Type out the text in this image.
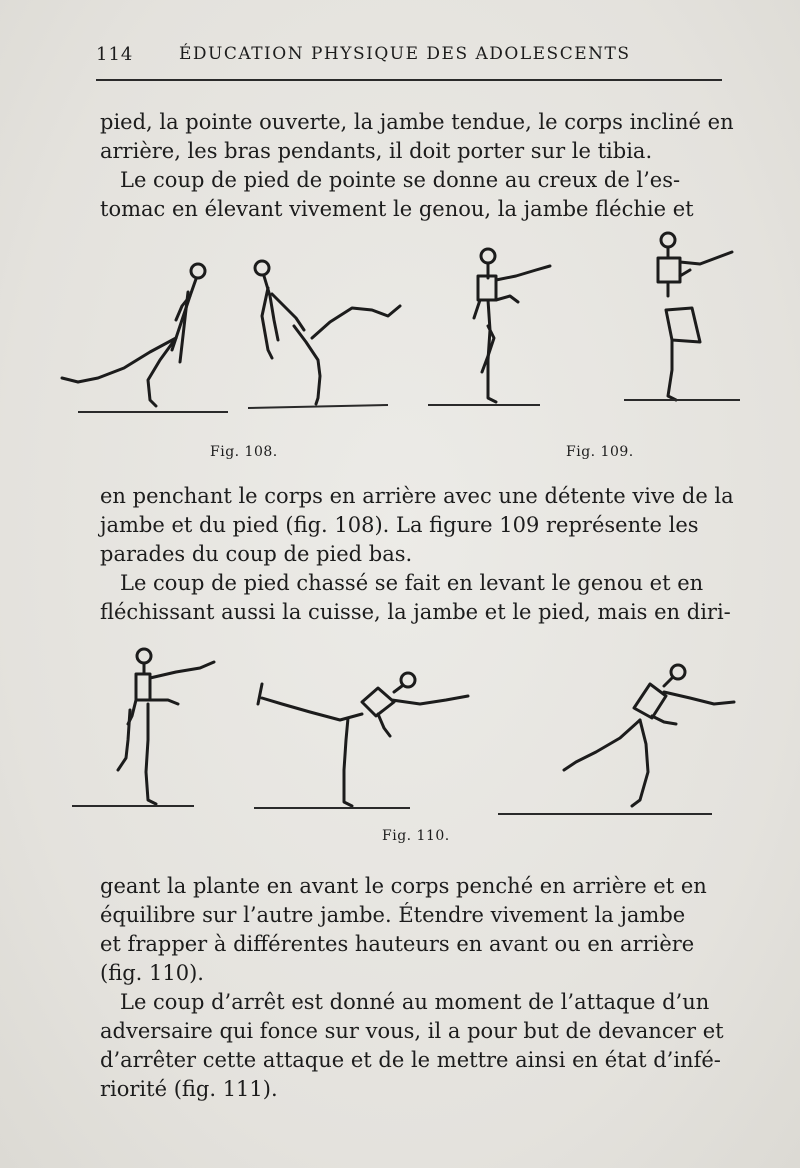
114	ÉDUCATION PHYSIQUE DES ADOLESCENTS
pied, la pointe ouverte, la jambe tendue, le corps incliné en
arrière, les bras pendants, il doit porter sur le tibia.
Le coup de pied de pointe se donne au creux de l’es-
tomac en élevant vivement le genou, la jambe fléchie et
Fig. 108.	Fig. 109.
en penchant le corps en arrière avec une détente vive de la
jambe et du pied (fig. 108). La figure 109 représente les
parades du coup de pied bas.
Le coup de pied chassé se fait en levant le genou et en
fléchissant aussi la cuisse, la jambe et le pied, mais en diri-
Fig. 110.
geant la plante en avant le corps penché en arrière et en
équilibre sur l’autre jambe. Étendre vivement la jambe
et frapper à différentes hauteurs en avant ou en arrière
(fig. 110).
Le coup d’arrêt est donné au moment de l’attaque d’un
adversaire qui fonce sur vous, il a pour but de devancer et
d’arrêter cette attaque et de le mettre ainsi en état d’infé-
riorité (fig. 111).
